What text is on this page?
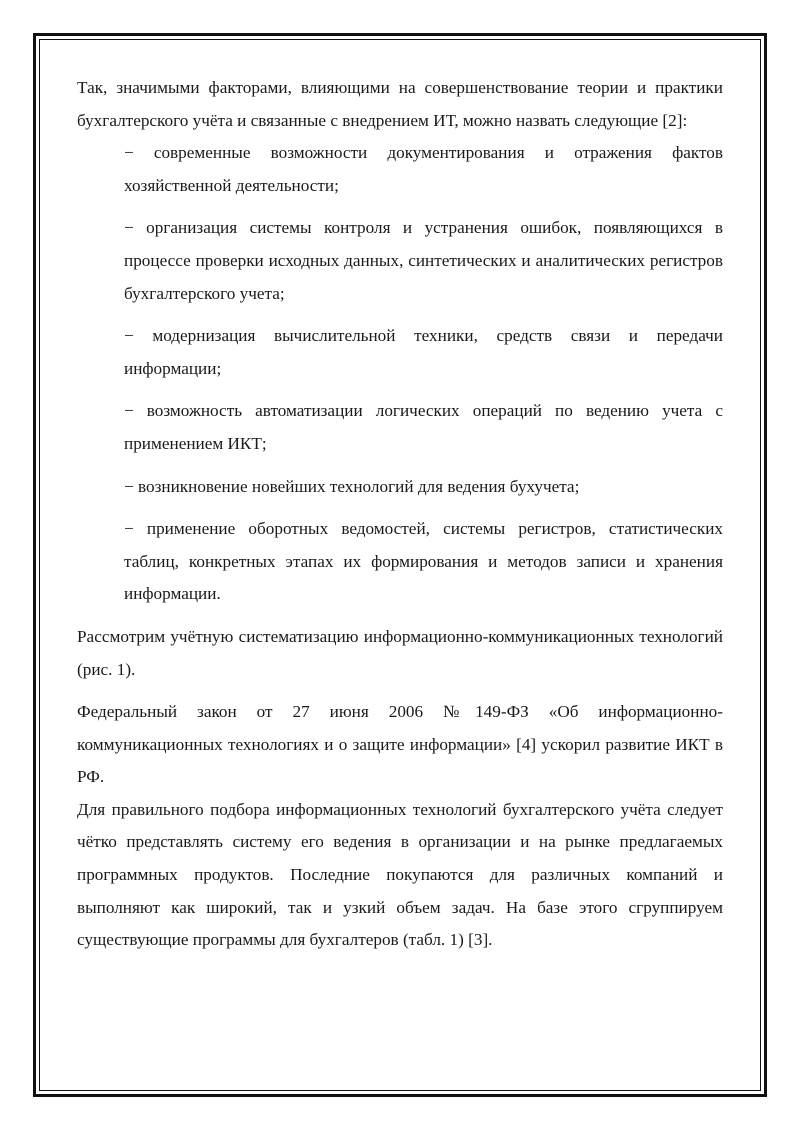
Так, значимыми факторами, влияющими на совершенствование теории и практики бухгалтерского учёта и связанные с внедрением ИТ, можно назвать следующие [2]:

− современные возможности документирования и отражения фактов хозяйственной деятельности;

− организация системы контроля и устранения ошибок, появляющихся в процессе проверки исходных данных, синтетических и аналитических регистров бухгалтерского учета;

− модернизация вычислительной техники, средств связи и передачи информации;

− возможность автоматизации логических операций по ведению учета с применением ИКТ;

− возникновение новейших технологий для ведения бухучета;

− применение оборотных ведомостей, системы регистров, статистических таблиц, конкретных этапах их формирования и методов записи и хранения информации.

Рассмотрим учётную систематизацию информационно-коммуникационных технологий (рис. 1).

Федеральный закон от 27 июня 2006 №149-ФЗ «Об информационно-коммуникационных технологиях и о защите информации» [4] ускорил развитие ИКТ в РФ.

Для правильного подбора информационных технологий бухгалтерского учёта следует чётко представлять систему его ведения в организации и на рынке предлагаемых программных продуктов. Последние покупаются для различных компаний и выполняют как широкий, так и узкий объем задач. На базе этого сгруппируем существующие программы для бухгалтеров (табл. 1) [3].
